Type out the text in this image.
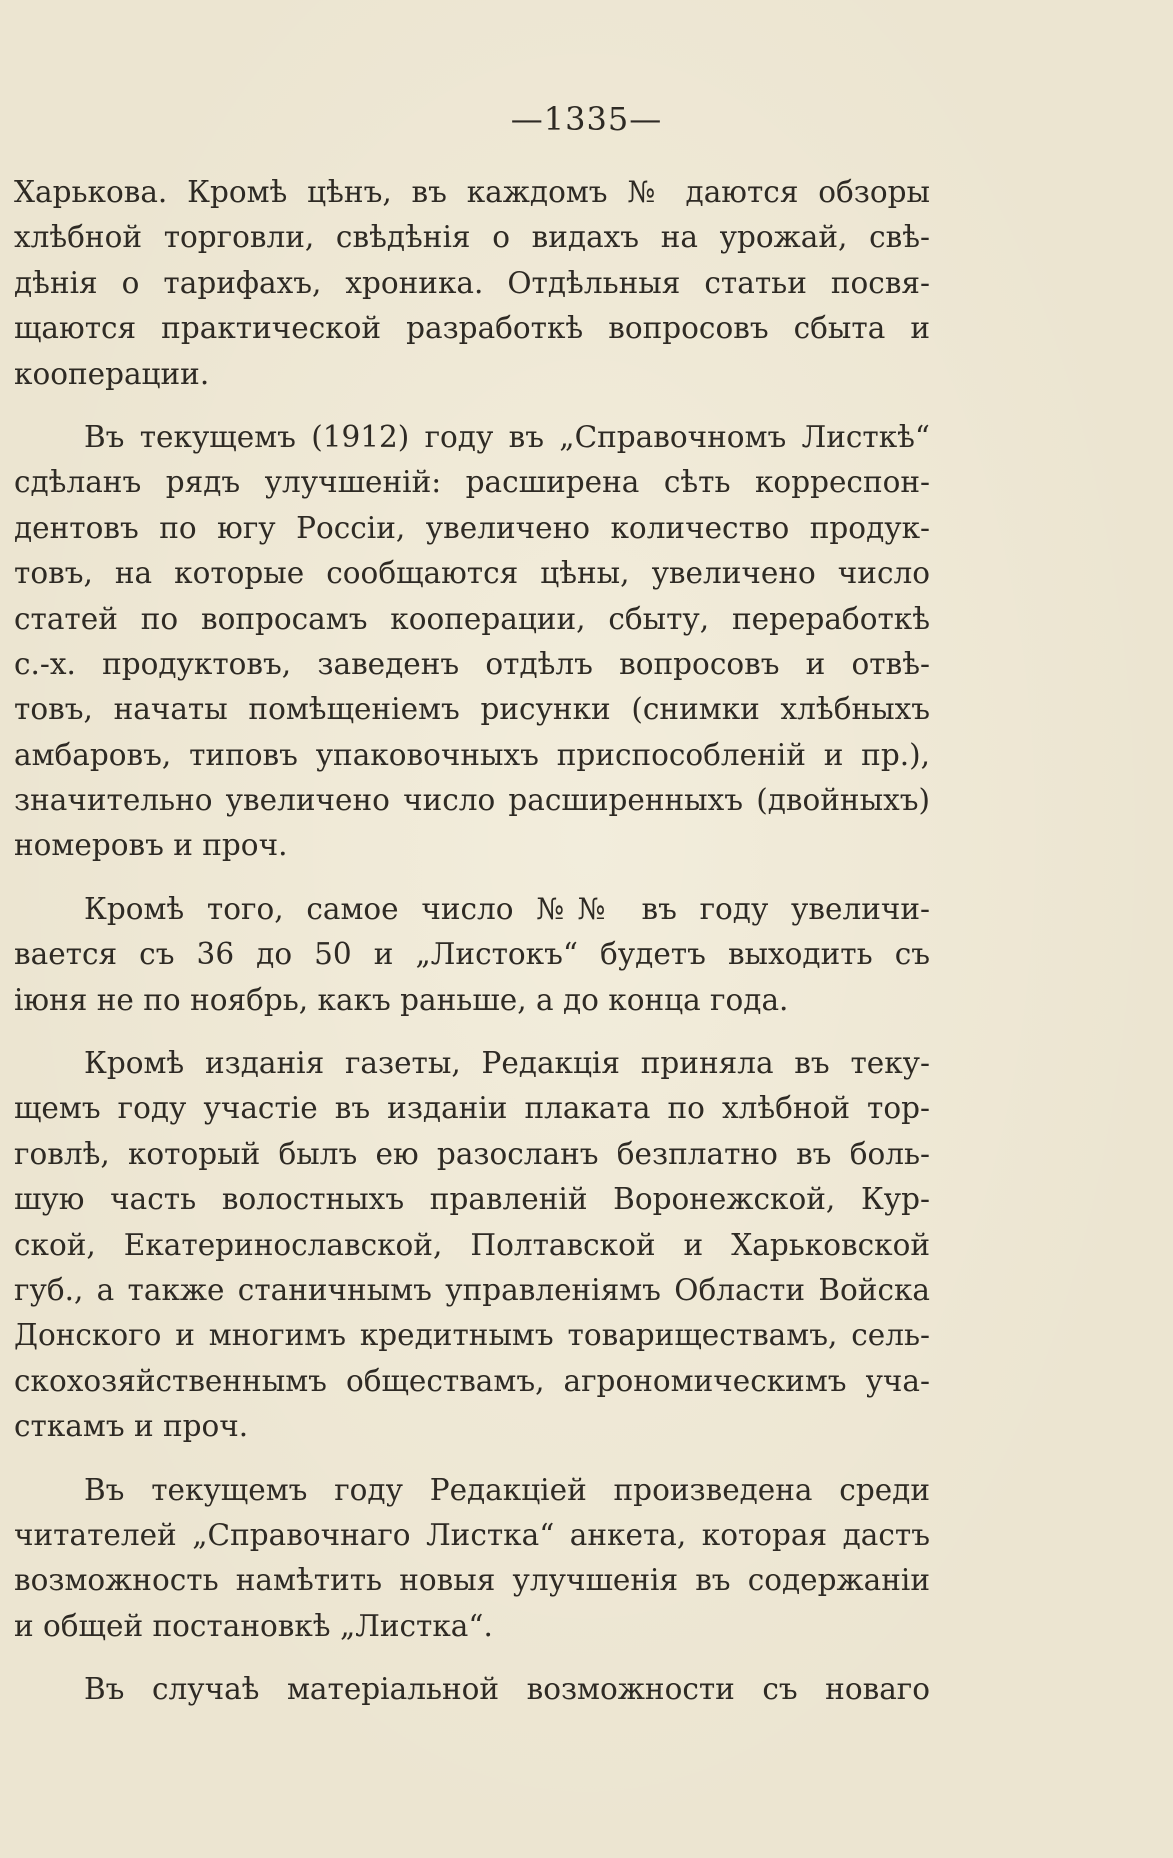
—1335—

Харькова. Кромѣ цѣнъ, въ каждомъ № даются обзоры
хлѣбной торговли, свѣдѣнія о видахъ на урожай, свѣ-
дѣнія о тарифахъ, хроника. Отдѣльныя статьи посвя-
щаются практической разработкѣ вопросовъ сбыта и
кооперации.

Въ текущемъ (1912) году въ „Справочномъ Листкѣ“
сдѣланъ рядъ улучшеній: расширена сѣть корреспон-
дентовъ по югу Россіи, увеличено количество продук-
товъ, на которые сообщаются цѣны, увеличено число
статей по вопросамъ кооперации, сбыту, переработкѣ
с.-х. продуктовъ, заведенъ отдѣлъ вопросовъ и отвѣ-
товъ, начаты помѣщеніемъ рисунки (снимки хлѣбныхъ
амбаровъ, типовъ упаковочныхъ приспособленій и пр.),
значительно увеличено число расширенныхъ (двойныхъ)
номеровъ и проч.

Кромѣ того, самое число №№ въ году увеличи-
вается съ 36 до 50 и „Листокъ“ будетъ выходить съ
іюня не по ноябрь, какъ раньше, а до конца года.

Кромѣ изданія газеты, Редакція приняла въ теку-
щемъ году участіе въ изданіи плаката по хлѣбной тор-
говлѣ, который былъ ею разосланъ безплатно въ боль-
шую часть волостныхъ правленій Воронежской, Кур-
ской, Екатеринославской, Полтавской и Харьковской
губ., а также станичнымъ управленіямъ Области Войска
Донского и многимъ кредитнымъ товариществамъ, сель-
скохозяйственнымъ обществамъ, агрономическимъ уча-
сткамъ и проч.

Въ текущемъ году Редакціей произведена среди
читателей „Справочнаго Листка“ анкета, которая дастъ
возможность намѣтить новыя улучшенія въ содержаніи
и общей постановкѣ „Листка“.

Въ случаѣ матеріальной возможности съ новаго
